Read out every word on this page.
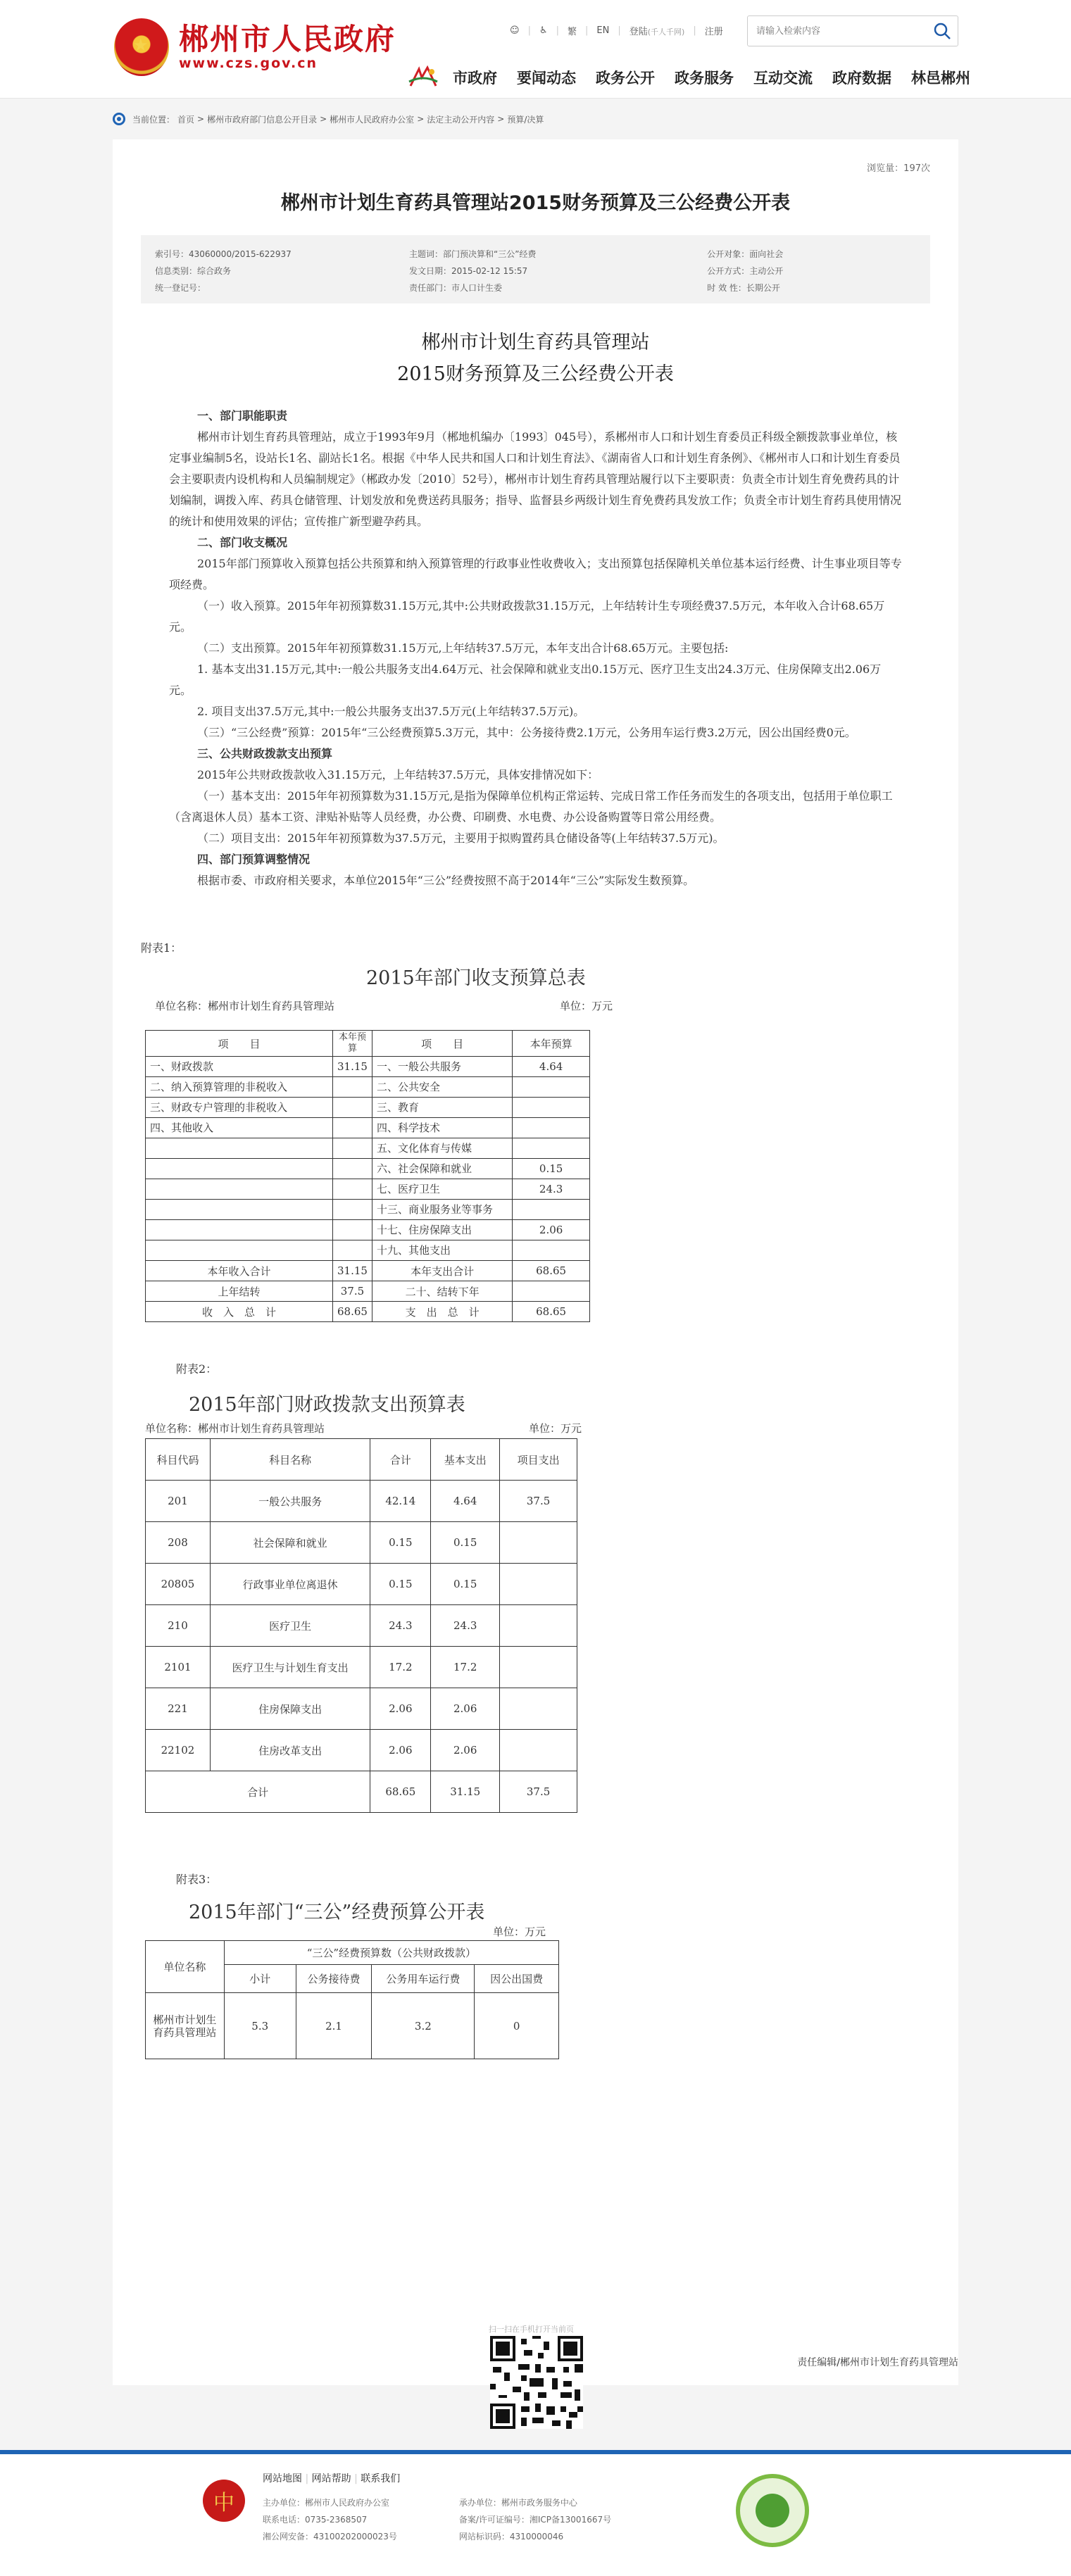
★
郴州市人民政府
www.czs.gov.cn
☺ | ♿ | 繁 | EN | 登陆(千人千网) | 注册
请输入检索内容
市政府 要闻动态 政务公开 政务服务 互动交流 政府数据 林邑郴州
当前位置： 首页 > 郴州市政府部门信息公开目录 > 郴州市人民政府办公室 > 法定主动公开内容 > 预算/决算
浏览量：197次
郴州市计划生育药具管理站2015财务预算及三公经费公开表
索引号：43060000/2015-622937	主题词：部门预决算和“三公”经费	公开对象：面向社会
信息类别：综合政务	发文日期：2015-02-12 15:57	公开方式：主动公开
统一登记号：	责任部门：市人口计生委	时 效 性：长期公开
郴州市计划生育药具管理站
2015财务预算及三公经费公开表
一、部门职能职责
郴州市计划生育药具管理站，成立于1993年9月（郴地机编办〔1993〕045号），系郴州市人口和计划生育委员正科级全额拨款事业单位，核定事业编制5名，设站长1名、副站长1名。根据《中华人民共和国人口和计划生育法》、《湖南省人口和计划生育条例》、《郴州市人口和计划生育委员会主要职责内设机构和人员编制规定》（郴政办发〔2010〕52号），郴州市计划生育药具管理站履行以下主要职责：负责全市计划生育免费药具的计划编制，调拨入库、药具仓储管理、计划发放和免费送药具服务；指导、监督县乡两级计划生育免费药具发放工作；负责全市计划生育药具使用情况的统计和使用效果的评估；宣传推广新型避孕药具。
二、部门收支概况
2015年部门预算收入预算包括公共预算和纳入预算管理的行政事业性收费收入；支出预算包括保障机关单位基本运行经费、计生事业项目等专项经费。
（一）收入预算。2015年年初预算数31.15万元,其中:公共财政拨款31.15万元，上年结转计生专项经费37.5万元，本年收入合计68.65万元。
（二）支出预算。2015年年初预算数31.15万元,上年结转37.5万元，本年支出合计68.65万元。主要包括:
1. 基本支出31.15万元,其中:一般公共服务支出4.64万元、社会保障和就业支出0.15万元、医疗卫生支出24.3万元、住房保障支出2.06万元。
2. 项目支出37.5万元,其中:一般公共服务支出37.5万元(上年结转37.5万元)。
（三）“三公经费”预算：2015年“三公经费预算5.3万元，其中：公务接待费2.1万元，公务用车运行费3.2万元，因公出国经费0元。
三、公共财政拨款支出预算
2015年公共财政拨款收入31.15万元，上年结转37.5万元，具体安排情况如下：
（一）基本支出：2015年年初预算数为31.15万元,是指为保障单位机构正常运转、完成日常工作任务而发生的各项支出，包括用于单位职工（含离退休人员）基本工资、津贴补贴等人员经费，办公费、印刷费、水电费、办公设备购置等日常公用经费。
（二）项目支出：2015年年初预算数为37.5万元，主要用于拟购置药具仓储设备等(上年结转37.5万元)。
四、部门预算调整情况
根据市委、市政府相关要求，本单位2015年“三公”经费按照不高于2014年“三公”实际发生数预算。
附表1：
2015年部门收支预算总表
单位名称：郴州市计划生育药具管理站	单位：万元
项　　目	本年预算	项　　目	本年预算
一、财政拨款	31.15	一、一般公共服务	4.64
二、纳入预算管理的非税收入		二、公共安全	
三、财政专户管理的非税收入		三、教育	
四、其他收入		四、科学技术	
		五、文化体育与传媒	
		六、社会保障和就业	0.15
		七、医疗卫生	24.3
		十三、商业服务业等事务	
		十七、住房保障支出	2.06
		十九、其他支出	
本年收入合计	31.15	本年支出合计	68.65
上年结转	37.5	二十、结转下年	
收　入　总　计	68.65	支　出　总　计	68.65
附表2：
2015年部门财政拨款支出预算表
单位名称：郴州市计划生育药具管理站	单位：万元
科目代码	科目名称	合计	基本支出	项目支出
201	一般公共服务	42.14	4.64	37.5
208	社会保障和就业	0.15	0.15	
20805	行政事业单位离退休	0.15	0.15	
210	医疗卫生	24.3	24.3	
2101	医疗卫生与计划生育支出	17.2	17.2	
221	住房保障支出	2.06	2.06	
22102	住房改革支出	2.06	2.06	
合计		68.65	31.15	37.5
附表3：
2015年部门“三公”经费预算公开表
单位：万元
单位名称	“三公”经费预算数（公共财政拨款）			
	小计	公务接待费	公务用车运行费	因公出国费
郴州市计划生育药具管理站	5.3	2.1	3.2	0
责任编辑/郴州市计划生育药具管理站
扫一扫在手机打开当前页
中
网站地图 | 网站帮助 | 联系我们
主办单位：郴州市人民政府办公室
联系电话：0735-2368507
湘公网安备：43100202000023号

承办单位：郴州市政务服务中心
备案/许可证编号：湘ICP备13001667号
网站标识码：4310000046
